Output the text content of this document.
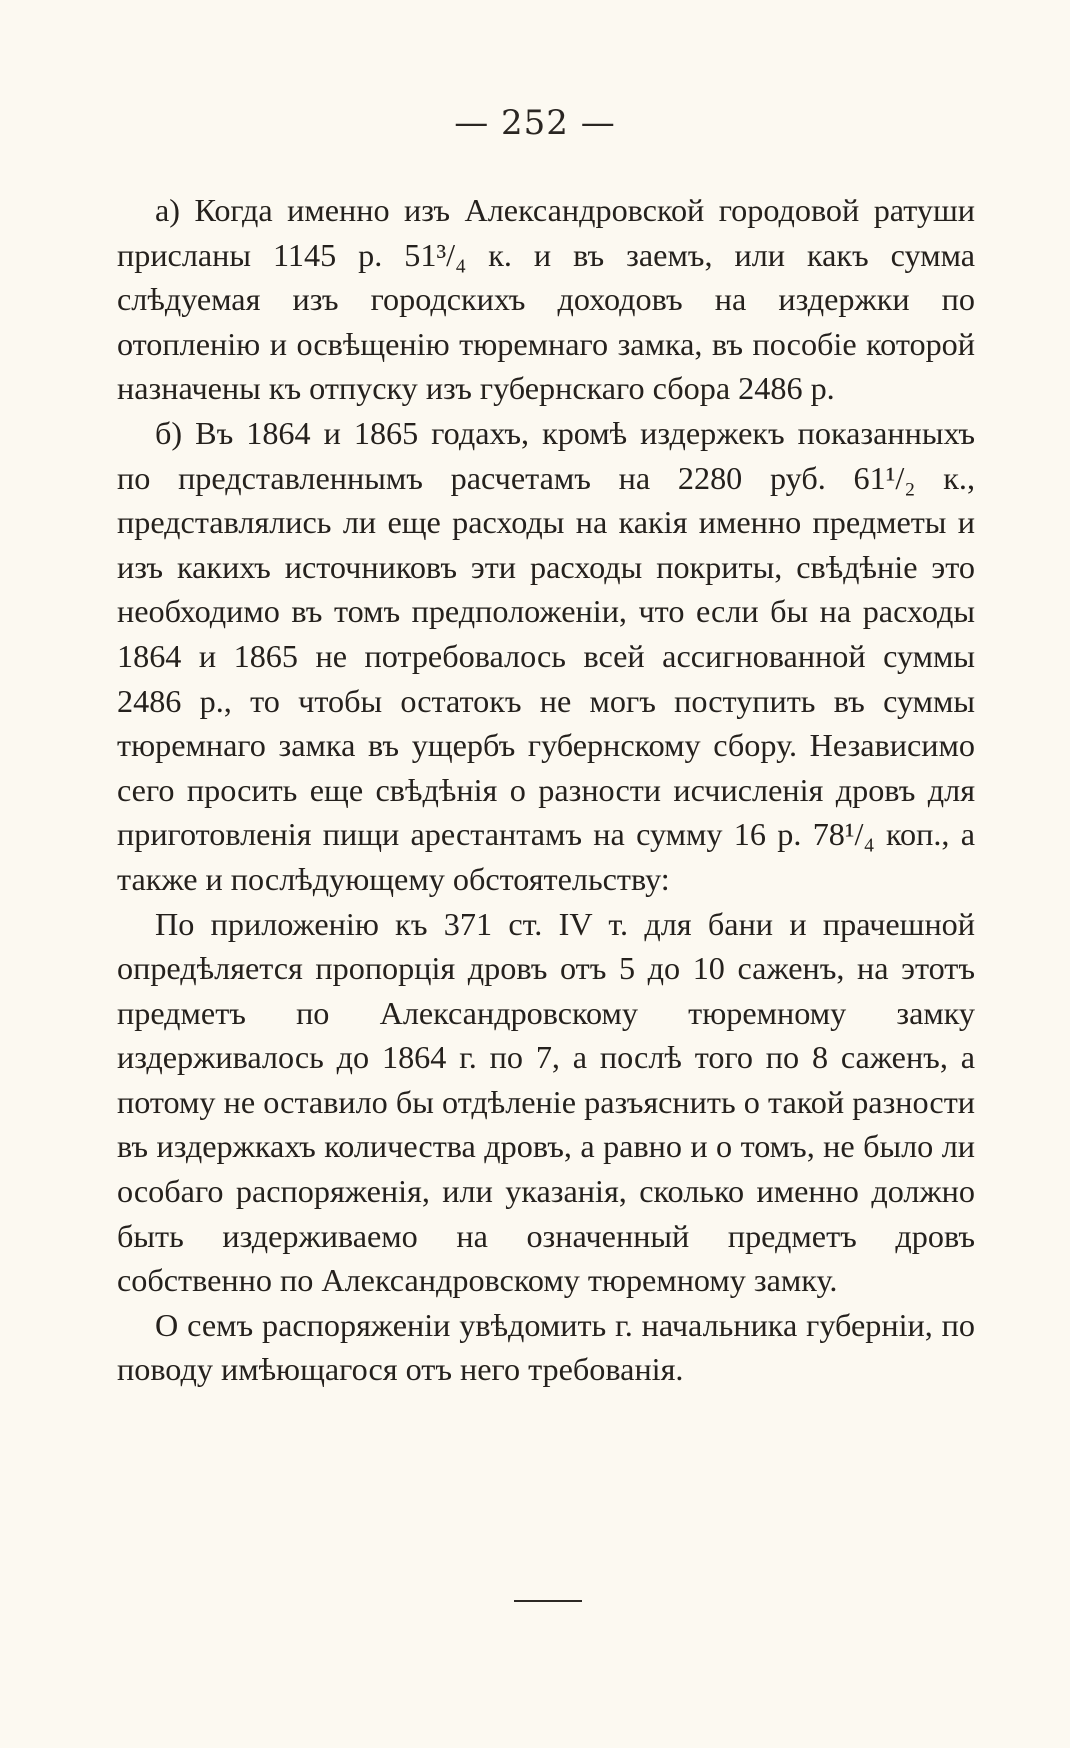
— 252 —

а) Когда именно изъ Александровской городовой ратуши присланы 1145 р. 51³/₄ к. и въ заемъ, или какъ сумма слѣдуемая изъ городскихъ доходовъ на издержки по отопленію и освѣщенію тюремнаго замка, въ пособіе которой назначены къ отпуску изъ губернскаго сбора 2486 р.

б) Въ 1864 и 1865 годахъ, кромѣ издержекъ показанныхъ по представленнымъ расчетамъ на 2280 руб. 61¹/₂ к., представлялись ли еще расходы на какія именно предметы и изъ какихъ источниковъ эти расходы покриты, свѣдѣніе это необходимо въ томъ предположеніи, что если бы на расходы 1864 и 1865 не потребовалось всей ассигнованной суммы 2486 р., то чтобы остатокъ не могъ поступить въ суммы тюремнаго замка въ ущербъ губернскому сбору. Независимо сего просить еще свѣдѣнія о разности исчисленія дровъ для приготовленія пищи арестантамъ на сумму 16 р. 78¹/₄ коп., а также и послѣдующему обстоятельству:

По приложенію къ 371 ст. IV т. для бани и прачешной опредѣляется пропорція дровъ отъ 5 до 10 саженъ, на этотъ предметъ по Александровскому тюремному замку издерживалось до 1864 г. по 7, а послѣ того по 8 саженъ, а потому не оставило бы отдѣленіе разъяснить о такой разности въ издержкахъ количества дровъ, а равно и о томъ, не было ли особаго распоряженія, или указанія, сколько именно должно быть издерживаемо на означенный предметъ дровъ собственно по Александровскому тюремному замку.

О семъ распоряженіи увѣдомить г. начальника губерніи, по поводу имѣющагося отъ него требованія.
